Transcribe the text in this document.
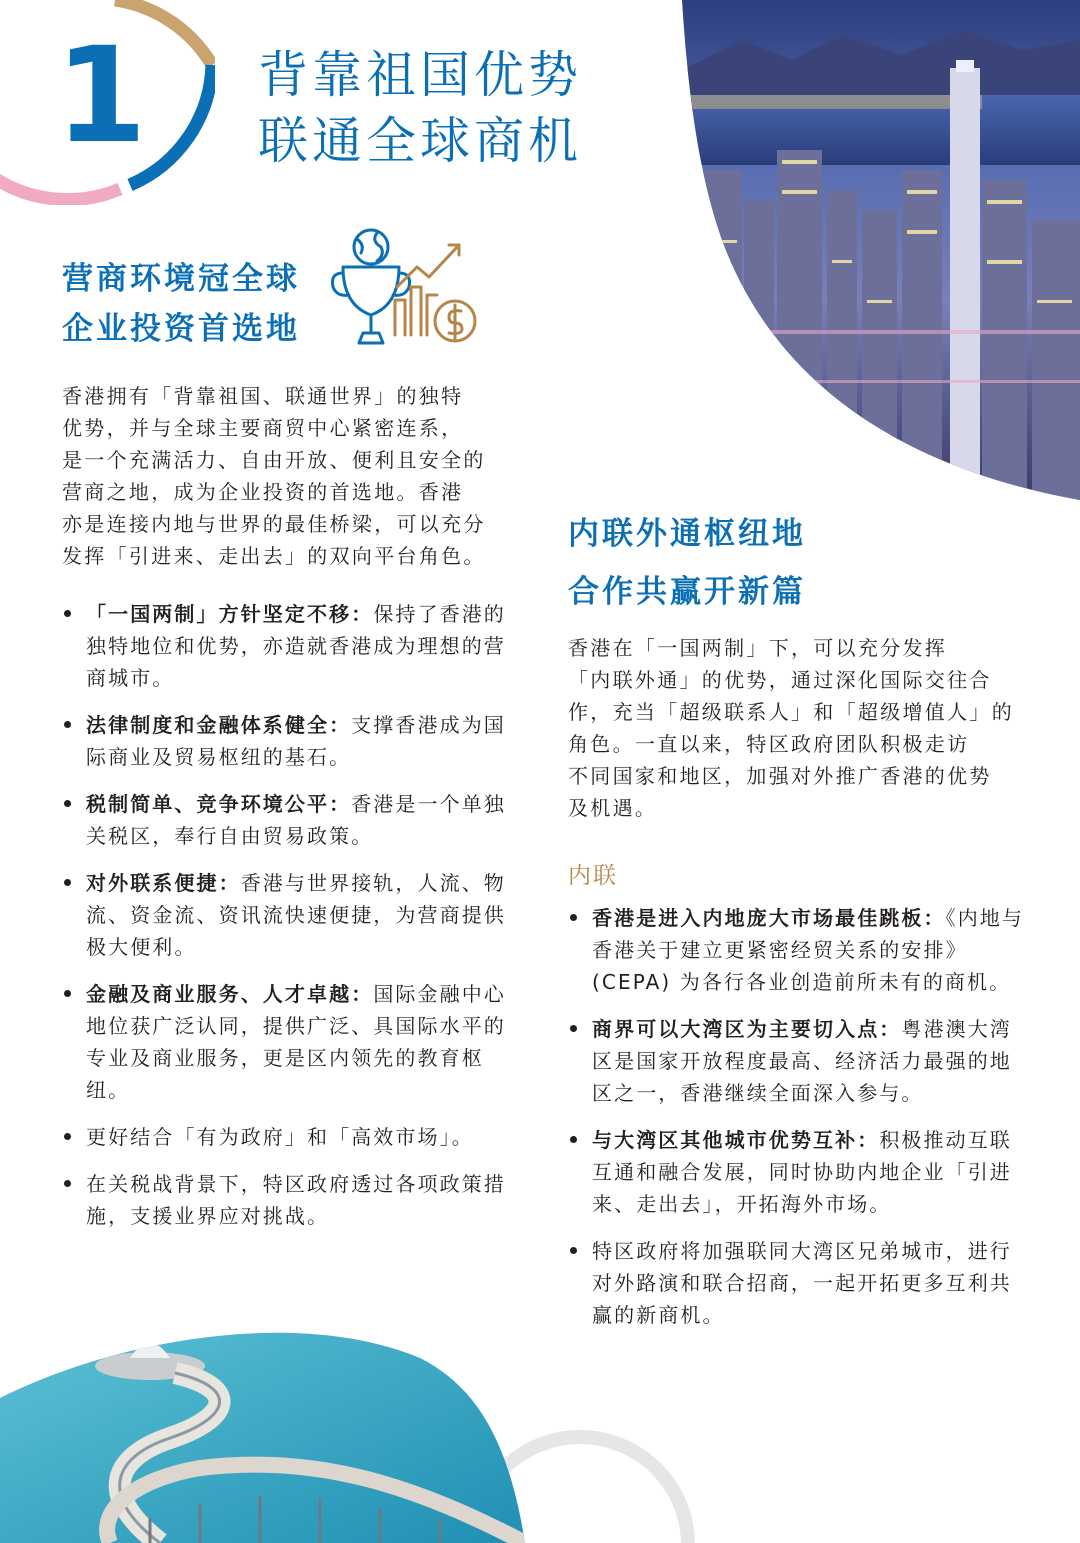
1 背靠祖国优势
联通全球商机
营商环境冠全球
企业投资首选地
香港拥有「背靠祖国、联通世界」的独特
优势，并与全球主要商贸中心紧密连系，
是一个充满活力、自由开放、便利且安全的
营商之地，成为企业投资的首选地。香港
亦是连接内地与世界的最佳桥梁，可以充分
发挥「引进来、走出去」的双向平台角色。
「一国两制」方针坚定不移：保持了香港的独特地位和优势，亦造就香港成为理想的营商城市。
法律制度和金融体系健全：支撑香港成为国际商业及贸易枢纽的基石。
税制简单、竞争环境公平：香港是一个单独关税区，奉行自由贸易政策。
对外联系便捷：香港与世界接轨，人流、物流、资金流、资讯流快速便捷，为营商提供极大便利。
金融及商业服务、人才卓越：国际金融中心地位获广泛认同，提供广泛、具国际水平的专业及商业服务，更是区内领先的教育枢纽。
更好结合「有为政府」和「高效市场」。
在关税战背景下，特区政府透过各项政策措施，支援业界应对挑战。
内联外通枢纽地
合作共赢开新篇
香港在「一国两制」下，可以充分发挥
「内联外通」的优势，通过深化国际交往合
作，充当「超级联系人」和「超级增值人」的
角色。一直以来，特区政府团队积极走访
不同国家和地区，加强对外推广香港的优势
及机遇。
内联
香港是进入内地庞大市场最佳跳板：《内地与香港关于建立更紧密经贸关系的安排》(CEPA) 为各行各业创造前所未有的商机。
商界可以大湾区为主要切入点：粤港澳大湾区是国家开放程度最高、经济活力最强的地区之一，香港继续全面深入参与。
与大湾区其他城市优势互补：积极推动互联互通和融合发展，同时协助内地企业「引进来、走出去」，开拓海外市场。
特区政府将加强联同大湾区兄弟城市，进行对外路演和联合招商，一起开拓更多互利共赢的新商机。
